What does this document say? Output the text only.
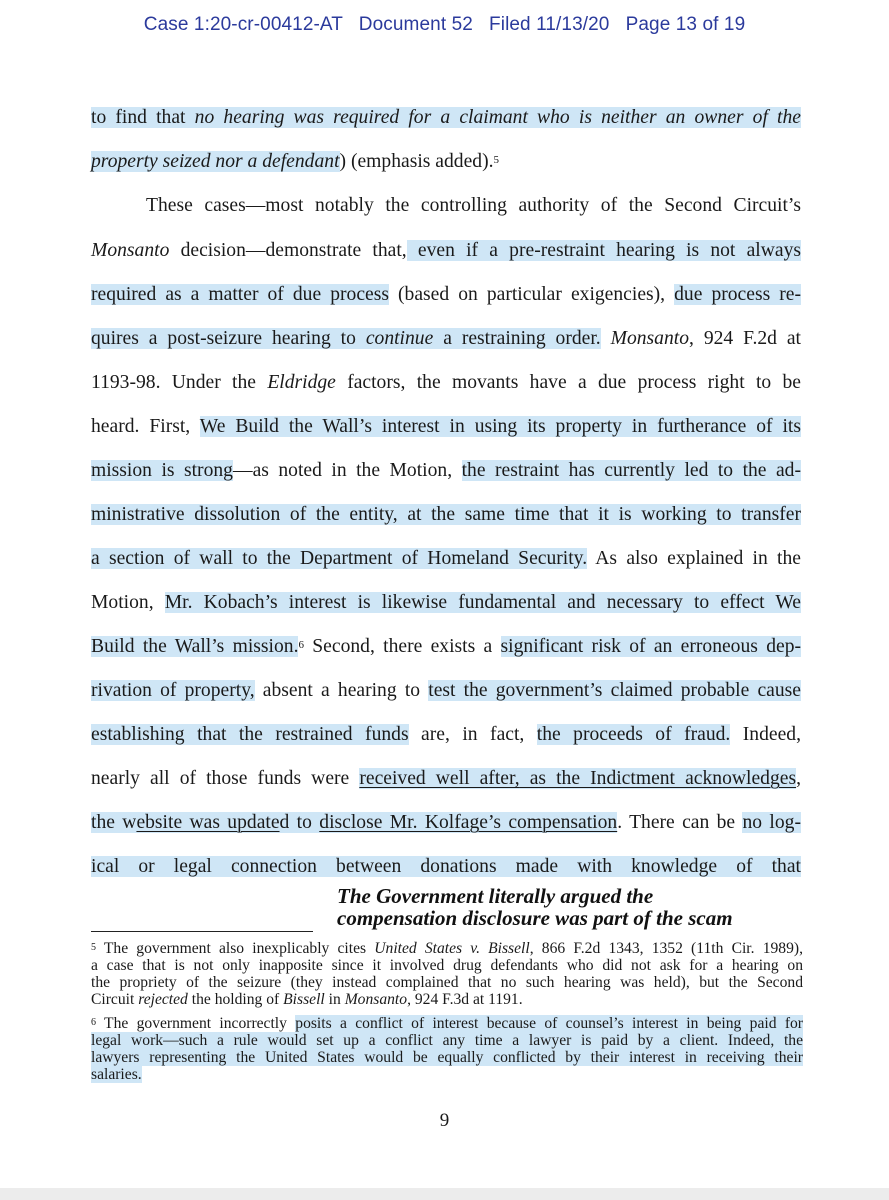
Case 1:20-cr-00412-AT Document 52 Filed 11/13/20 Page 13 of 19
to find that no hearing was required for a claimant who is neither an owner of the
property seized nor a defendant) (emphasis added).$^5$
These cases—most notably the controlling authority of the Second Circuit’s
Monsanto decision—demonstrate that, even if a pre-restraint hearing is not always
required as a matter of due process (based on particular exigencies), due process re-
quires a post-seizure hearing to continue a restraining order. Monsanto, 924 F.2d at
1193-98. Under the Eldridge factors, the movants have a due process right to be
heard. First, We Build the Wall’s interest in using its property in furtherance of its
mission is strong—as noted in the Motion, the restraint has currently led to the ad-
ministrative dissolution of the entity, at the same time that it is working to transfer
a section of wall to the Department of Homeland Security. As also explained in the
Motion, Mr. Kobach’s interest is likewise fundamental and necessary to effect We
Build the Wall’s mission.$^6$ Second, there exists a significant risk of an erroneous dep-
rivation of property, absent a hearing to test the government’s claimed probable cause
establishing that the restrained funds are, in fact, the proceeds of fraud. Indeed,
nearly all of those funds were received well after, as the Indictment acknowledges,
the website was updated to disclose Mr. Kolfage’s compensation. There can be no log-
ical or legal connection between donations made with knowledge of that
The Government literally argued the
compensation disclosure was part of the scam
$^5$ The government also inexplicably cites United States v. Bissell, 866 F.2d 1343, 1352 (11th Cir. 1989),
a case that is not only inapposite since it involved drug defendants who did not ask for a hearing on
the propriety of the seizure (they instead complained that no such hearing was held), but the Second
Circuit rejected the holding of Bissell in Monsanto, 924 F.3d at 1191.
$^6$ The government incorrectly posits a conflict of interest because of counsel’s interest in being paid for
legal work—such a rule would set up a conflict any time a lawyer is paid by a client. Indeed, the
lawyers representing the United States would be equally conflicted by their interest in receiving their
salaries.
9
